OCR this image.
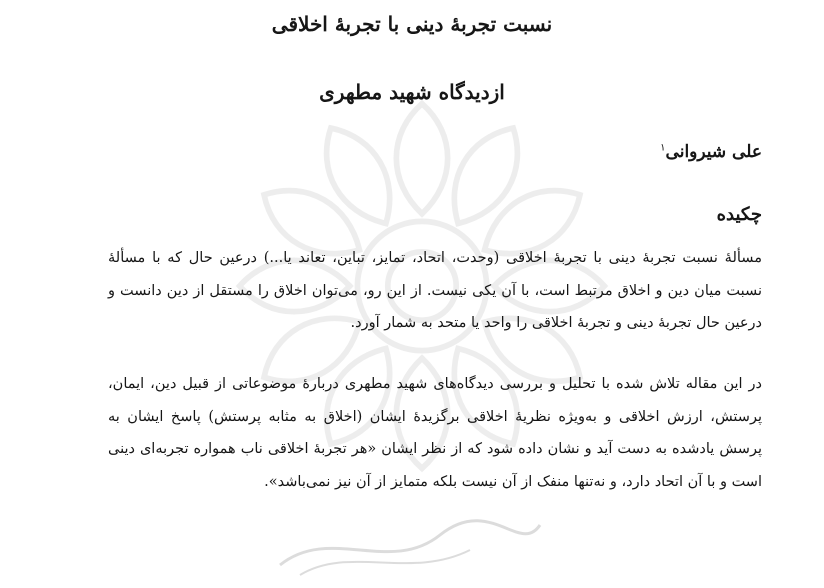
نسبت تجربۀ دینی با تجربۀ اخلاقی
ازدیدگاه شهید مطهری
علی شیروانی$^۱$
چکیده

مسألۀ نسبت تجربۀ دینی با تجربۀ اخلاقی (وحدت، اتحاد، تمایز، تباین، تعاند یا...) درعین حال که با مسألۀ نسبت میان دین و اخلاق مرتبط است، با آن یکی نیست. از این رو، می‌توان اخلاق را مستقل از دین دانست و درعین حال تجربۀ دینی و تجربۀ اخلاقی را واحد یا متحد به شمار آورد.

در این مقاله تلاش شده با تحلیل و بررسی دیدگاه‌های شهید مطهری دربارۀ موضوعاتی از قبیل دین، ایمان، پرستش، ارزش اخلاقی و به‌ویژه نظریۀ اخلاقی برگزیدۀ ایشان (اخلاق به مثابه پرستش) پاسخ ایشان به پرسش یادشده به دست آید و نشان داده شود که از نظر ایشان «هر تجربۀ اخلاقی ناب همواره تجربه‌ای دینی است و با آن اتحاد دارد، و نه‌تنها منفک از آن نیست بلکه متمایز از آن نیز نمی‌باشد».
